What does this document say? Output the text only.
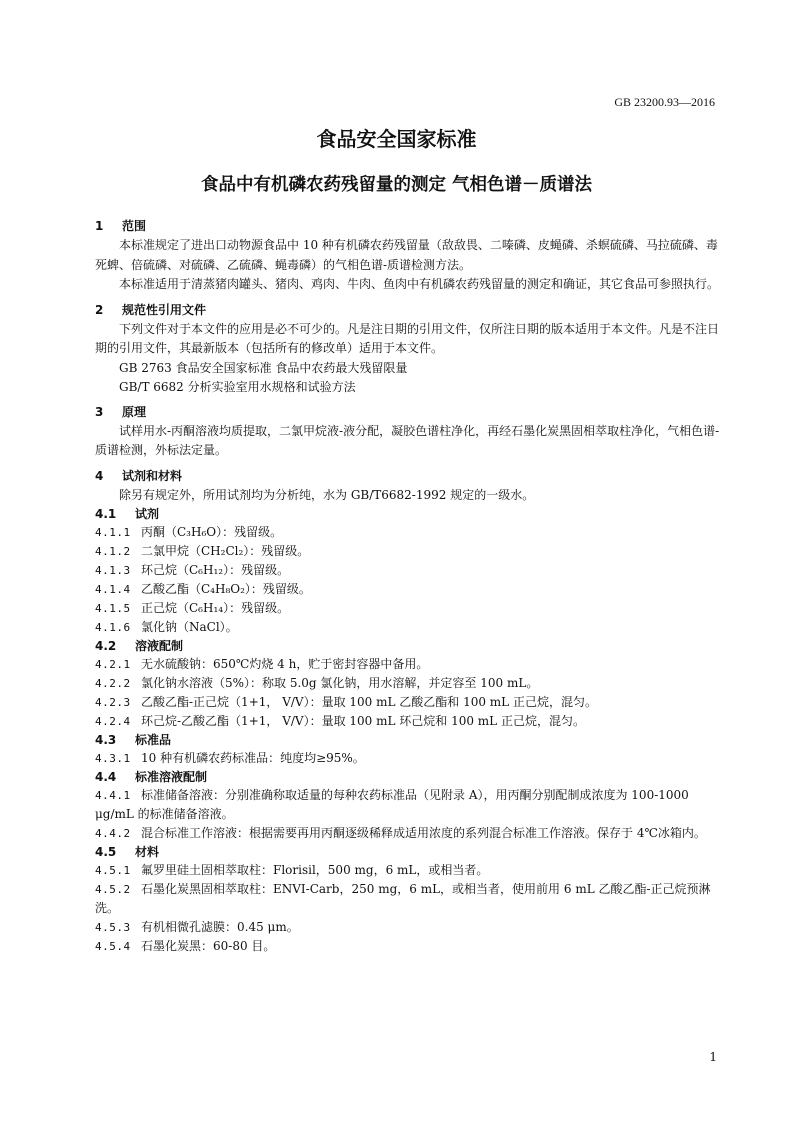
GB 23200.93—2016
食品安全国家标准
食品中有机磷农药残留量的测定 气相色谱－质谱法
1 范围

本标准规定了进出口动物源食品中 10 种有机磷农药残留量（敌敌畏、二嗪磷、皮蝇磷、杀螟硫磷、马拉硫磷、毒死蜱、倍硫磷、对硫磷、乙硫磷、蝇毒磷）的气相色谱-质谱检测方法。

本标准适用于清蒸猪肉罐头、猪肉、鸡肉、牛肉、鱼肉中有机磷农药残留量的测定和确证，其它食品可参照执行。

2 规范性引用文件

下列文件对于本文件的应用是必不可少的。凡是注日期的引用文件，仅所注日期的版本适用于本文件。凡是不注日期的引用文件，其最新版本（包括所有的修改单）适用于本文件。

GB 2763 食品安全国家标准 食品中农药最大残留限量
GB/T 6682 分析实验室用水规格和试验方法
3 原理

试样用水-丙酮溶液均质提取，二氯甲烷液-液分配，凝胶色谱柱净化，再经石墨化炭黑固相萃取柱净化，气相色谱-质谱检测，外标法定量。

4 试剂和材料

除另有规定外，所用试剂均为分析纯，水为 GB/T6682-1992 规定的一级水。

4.1 试剂
4.1.1 丙酮（C₃H₆O）：残留级。
4.1.2 二氯甲烷（CH₂Cl₂）：残留级。
4.1.3 环己烷（C₆H₁₂）：残留级。
4.1.4 乙酸乙酯（C₄H₈O₂）：残留级。
4.1.5 正己烷（C₆H₁₄）：残留级。
4.1.6 氯化钠（NaCl）。
4.2 溶液配制
4.2.1 无水硫酸钠：650℃灼烧 4 h，贮于密封容器中备用。
4.2.2 氯化钠水溶液（5%）：称取 5.0g 氯化钠，用水溶解，并定容至 100 mL。
4.2.3 乙酸乙酯-正己烷（1+1， V/V）：量取 100 mL 乙酸乙酯和 100 mL 正己烷，混匀。
4.2.4 环己烷-乙酸乙酯（1+1， V/V）：量取 100 mL 环己烷和 100 mL 正己烷，混匀。
4.3 标准品
4.3.1 10 种有机磷农药标准品：纯度均≥95%。
4.4 标准溶液配制
4.4.1 标准储备溶液：分别准确称取适量的每种农药标准品（见附录 A），用丙酮分别配制成浓度为 100-1000 μg/mL 的标准储备溶液。
4.4.2 混合标准工作溶液：根据需要再用丙酮逐级稀释成适用浓度的系列混合标准工作溶液。保存于 4℃冰箱内。
4.5 材料
4.5.1 氟罗里硅土固相萃取柱：Florisil，500 mg，6 mL，或相当者。
4.5.2 石墨化炭黑固相萃取柱：ENVI-Carb，250 mg，6 mL，或相当者，使用前用 6 mL 乙酸乙酯-正己烷预淋洗。
4.5.3 有机相微孔滤膜：0.45 μm。
4.5.4 石墨化炭黑：60-80 目。
1
